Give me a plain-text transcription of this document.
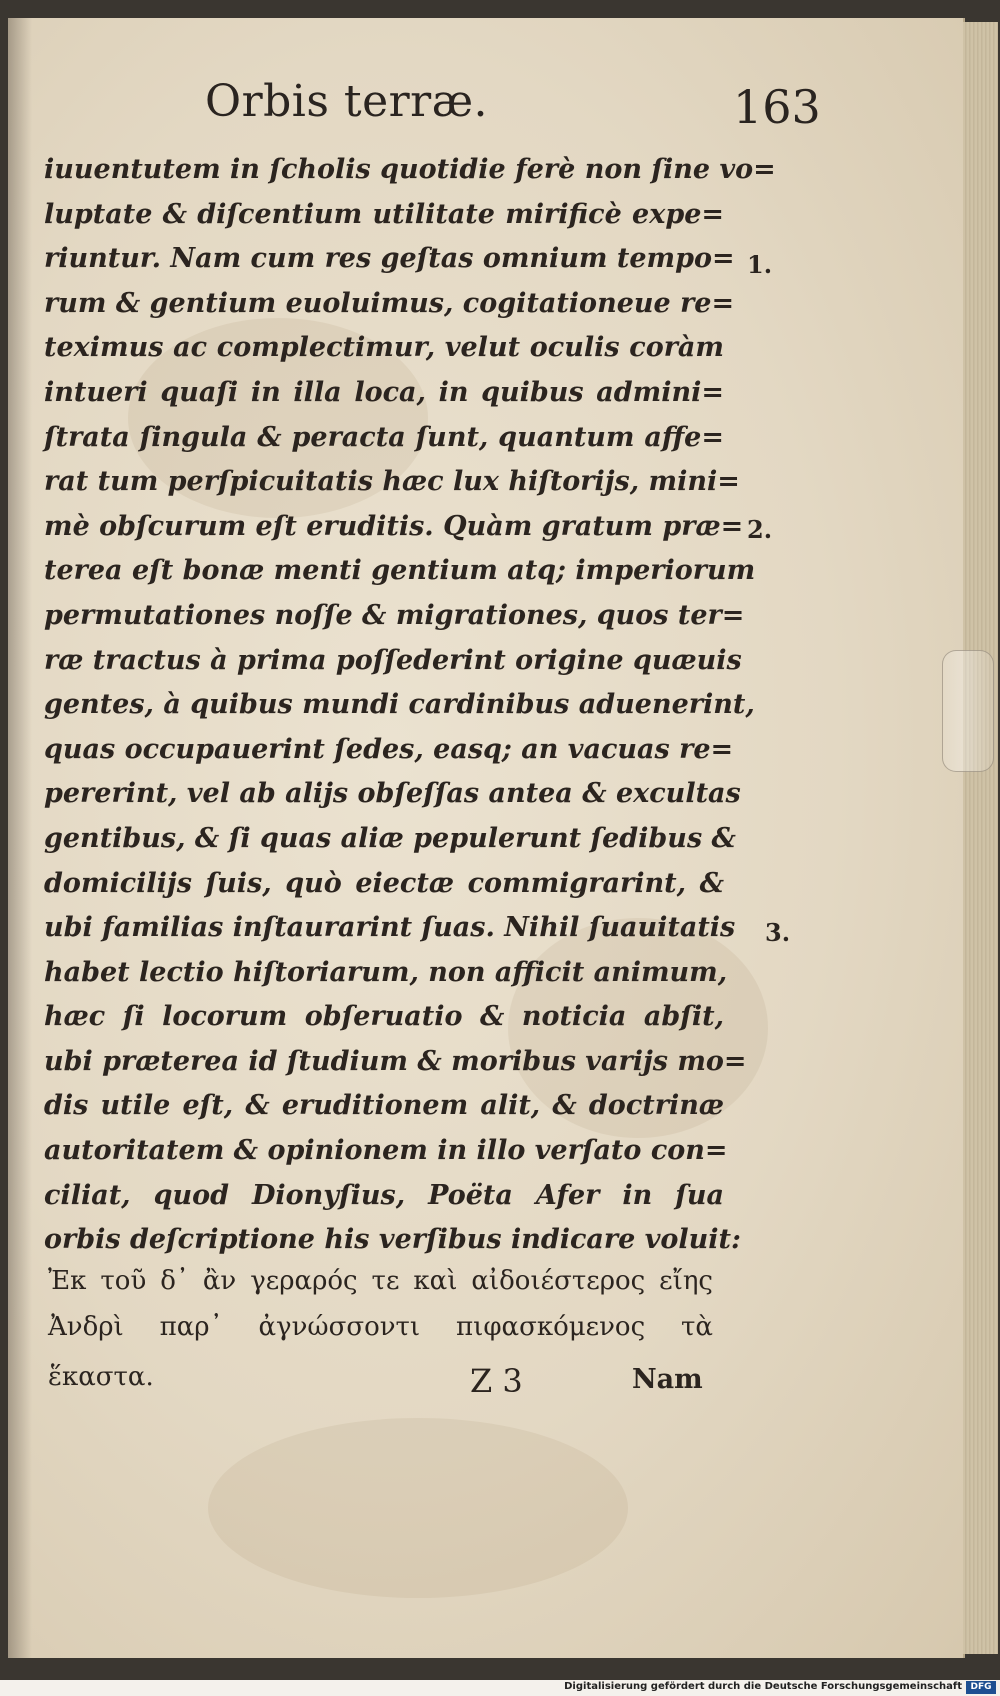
Orbis terræ.	163
iuuentutem in ſcholis quotidie ferè non ſine vo=
luptate & diſcentium utilitate mirificè expe=
riuntur. Nam cum res geſtas omnium tempo=
rum & gentium euoluimus, cogitationeue re=
teximus ac complectimur, velut oculis coràm
intueri quaſi in illa loca, in quibus admini=
ſtrata ſingula & peracta ſunt, quantum affe=
rat tum perſpicuitatis hæc lux hiſtorijs, mini=
mè obſcurum eſt eruditis. Quàm gratum præ=
terea eſt bonæ menti gentium atq; imperiorum
permutationes noſſe & migrationes, quos ter=
ræ tractus à prima poſſederint origine quæuis
gentes, à quibus mundi cardinibus aduenerint,
quas occupauerint ſedes, easq; an vacuas re=
pererint, vel ab alijs obſeſſas antea & excultas
gentibus, & ſi quas aliæ pepulerunt ſedibus &
domicilijs ſuis, quò eiectæ commigrarint, &
ubi familias inſtaurarint ſuas. Nihil ſuauitatis
habet lectio hiſtoriarum, non afficit animum,
hæc ſi locorum obſeruatio & noticia abſit,
ubi præterea id ſtudium & moribus varijs mo=
dis utile eſt, & eruditionem alit, & doctrinæ
autoritatem & opinionem in illo verſato con=
ciliat, quod Dionyſius, Poëta Afer in ſua
orbis deſcriptione his verſibus indicare voluit:
1.
2.
3.
Ἐκ τοῦ δ᾽ ἂν γεραρός τε καὶ αἰδοιέστερος εἴης
Ἀνδρὶ παρ᾽ ἀγνώσσοντι πιφασκόμενος τὰ
ἕκαστα.	Z 3	Nam
Digitalisierung gefördert durch die Deutsche Forschungsgemeinschaft DFG
